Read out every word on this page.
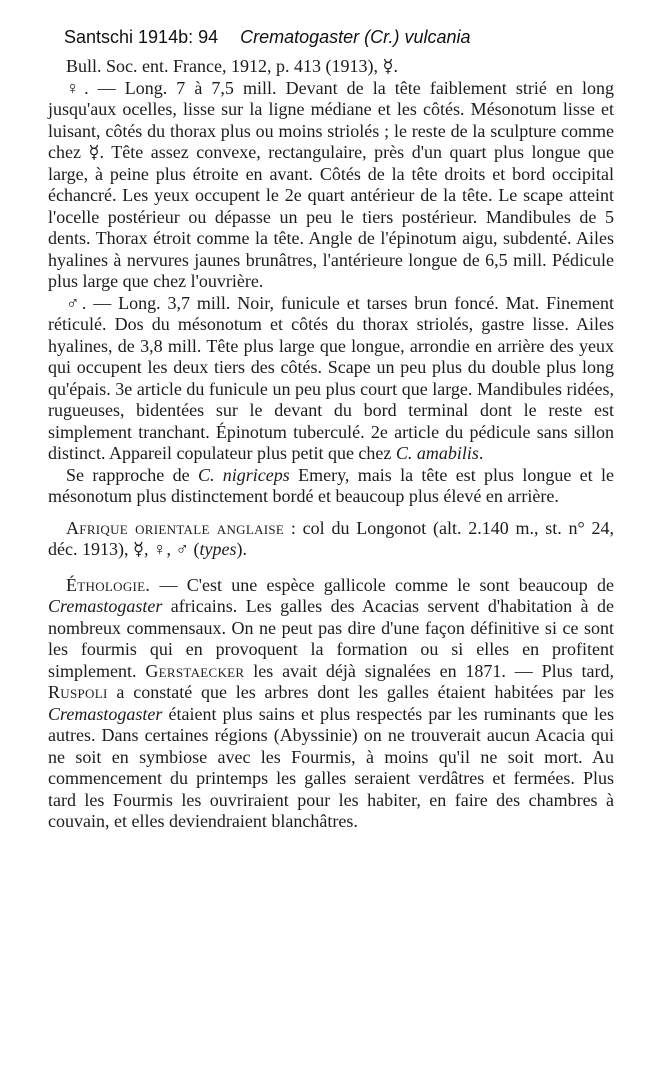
Santschi 1914b: 94 Crematogaster (Cr.) vulcania

Bull. Soc. ent. France, 1912, p. 413 (1913), ☿.

♀. — Long. 7 à 7,5 mill. Devant de la tête faiblement strié en long jusqu'aux ocelles, lisse sur la ligne médiane et les côtés. Mésonotum lisse et luisant, côtés du thorax plus ou moins striolés ; le reste de la sculpture comme chez ☿. Tête assez convexe, rectangulaire, près d'un quart plus longue que large, à peine plus étroite en avant. Côtés de la tête droits et bord occipital échancré. Les yeux occupent le 2e quart antérieur de la tête. Le scape atteint l'ocelle postérieur ou dépasse un peu le tiers postérieur. Mandibules de 5 dents. Thorax étroit comme la tête. Angle de l'épinotum aigu, subdenté. Ailes hyalines à nervures jaunes brunâtres, l'antérieure longue de 6,5 mill. Pédicule plus large que chez l'ouvrière.

♂. — Long. 3,7 mill. Noir, funicule et tarses brun foncé. Mat. Finement réticulé. Dos du mésonotum et côtés du thorax striolés, gastre lisse. Ailes hyalines, de 3,8 mill. Tête plus large que longue, arrondie en arrière des yeux qui occupent les deux tiers des côtés. Scape un peu plus du double plus long qu'épais. 3e article du funicule un peu plus court que large. Mandibules ridées, rugueuses, bidentées sur le devant du bord terminal dont le reste est simplement tranchant. Épinotum tuberculé. 2e article du pédicule sans sillon distinct. Appareil copulateur plus petit que chez C. amabilis.

Se rapproche de C. nigriceps Emery, mais la tête est plus longue et le mésonotum plus distinctement bordé et beaucoup plus élevé en arrière.

Afrique orientale anglaise : col du Longonot (alt. 2.140 m., st. n° 24, déc. 1913), ☿, ♀, ♂ (types).

Éthologie. — C'est une espèce gallicole comme le sont beaucoup de Cremastogaster africains. Les galles des Acacias servent d'habitation à de nombreux commensaux. On ne peut pas dire d'une façon définitive si ce sont les fourmis qui en provoquent la formation ou si elles en profitent simplement. Gerstaecker les avait déjà signalées en 1871. — Plus tard, Ruspoli a constaté que les arbres dont les galles étaient habitées par les Cremastogaster étaient plus sains et plus respectés par les ruminants que les autres. Dans certaines régions (Abyssinie) on ne trouverait aucun Acacia qui ne soit en symbiose avec les Fourmis, à moins qu'il ne soit mort. Au commencement du printemps les galles seraient verdâtres et fermées. Plus tard les Fourmis les ouvriraient pour les habiter, en faire des chambres à couvain, et elles deviendraient blanchâtres.
